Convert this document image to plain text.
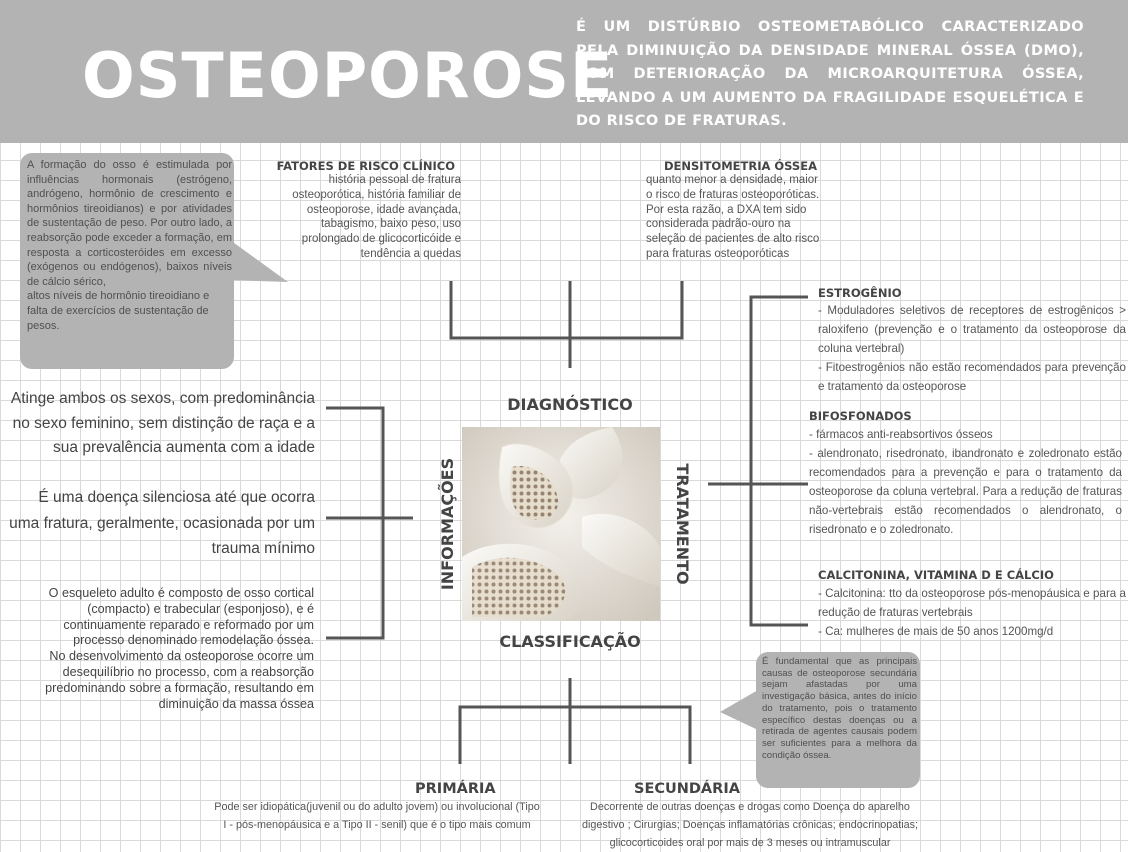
OSTEOPOROSE

É UM DISTÚRBIO OSTEOMETABÓLICO CARACTERIZADO PELA DIMINUIÇÃO DA DENSIDADE MINERAL ÓSSEA (DMO), COM DETERIORAÇÃO DA MICROARQUITETURA ÓSSEA, LEVANDO A UM AUMENTO DA FRAGILIDADE ESQUELÉTICA E DO RISCO DE FRATURAS.

A formação do osso é estimulada por influências hormonais (estrógeno, andrógeno, hormônio de crescimento e hormônios tireoidianos) e por atividades de sustentação de peso. Por outro lado, a reabsorção pode exceder a formação, em resposta a corticosteróides em excesso (exógenos ou endógenos), baixos níveis de cálcio sérico,

altos níveis de hormônio tireoidiano e falta de exercícios de sustentação de pesos.

FATORES DE RISCO CLÍNICO
história pessoal de fratura osteoporótica, história familiar de osteoporose, idade avançada, tabagismo, baixo peso, uso prolongado de glicocorticóide e tendência a quedas
DENSITOMETRIA ÓSSEA
quanto menor a densidade, maior o risco de fraturas osteoporóticas. Por esta razão, a DXA tem sido considerada padrão-ouro na seleção de pacientes de alto risco para fraturas osteoporóticas
DIAGNÓSTICO
CLASSIFICAÇÃO
INFORMAÇÕES	TRATAMENTO
Atinge ambos os sexos, com predominância no sexo feminino, sem distinção de raça e a sua prevalência aumenta com a idade
É uma doença silenciosa até que ocorra uma fratura, geralmente, ocasionada por um trauma mínimo

O esqueleto adulto é composto de osso cortical (compacto) e trabecular (esponjoso), e é continuamente reparado e reformado por um processo denominado remodelação óssea.

No desenvolvimento da osteoporose ocorre um desequilíbrio no processo, com a reabsorção predominando sobre a formação, resultando em diminuição da massa óssea

ESTROGÊNIO

- Moduladores seletivos de receptores de estrogênicos > raloxifeno (prevenção e o tratamento da osteoporose da coluna vertebral)

- Fitoestrogênios não estão recomendados para prevenção e tratamento da osteoporose

BIFOSFONADOS

- fármacos anti-reabsortivos ósseos

- alendronato, risedronato, ibandronato e zoledronato estão recomendados para a prevenção e para o tratamento da osteoporose da coluna vertebral. Para a redução de fraturas não-vertebrais estão recomendados o alendronato, o risedronato e o zoledronato.

CALCITONINA, VITAMINA D E CÁLCIO

- Calcitonina: tto da osteoporose pós-menopáusica e para a redução de fraturas vertebrais

- Ca: mulheres de mais de 50 anos 1200mg/d

É fundamental que as principais causas de osteoporose secundária sejam afastadas por uma investigação básica, antes do início do tratamento, pois o tratamento específico destas doenças ou a retirada de agentes causais podem ser suficientes para a melhora da condição óssea.
PRIMÁRIA
Pode ser idiopática(juvenil ou do adulto jovem) ou involucional (Tipo I - pós-menopáusica e a Tipo II - senil) que é o tipo mais comum
SECUNDÁRIA
Decorrente de outras doenças e drogas como Doença do aparelho digestivo ; Cirurgias; Doenças inflamatórias crônicas; endocrinopatias; glicocorticoides oral por mais de 3 meses ou intramuscular
